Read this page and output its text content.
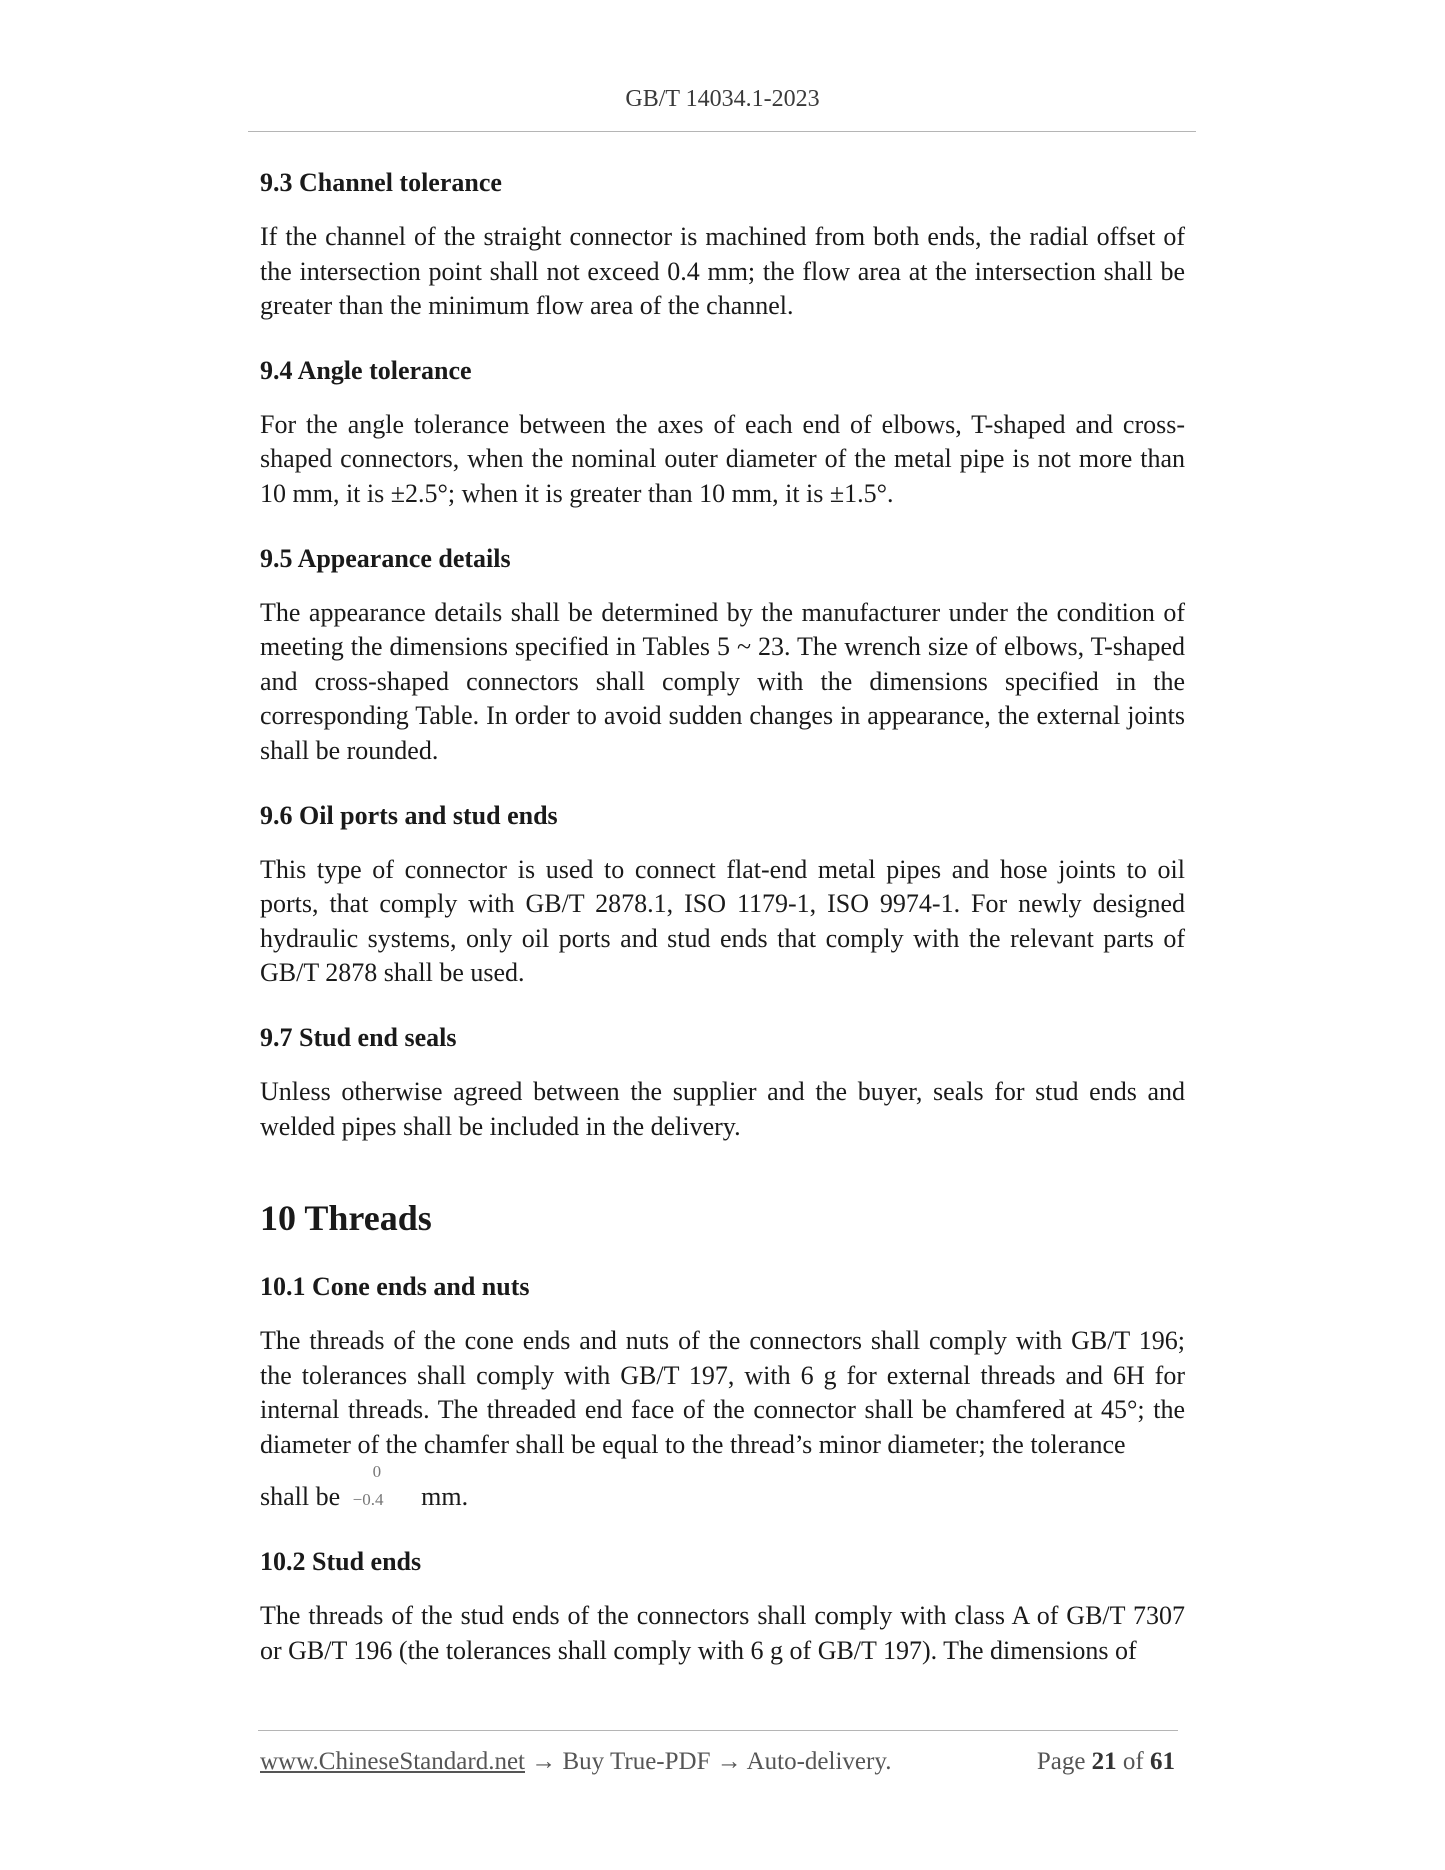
GB/T 14034.1-2023
9.3 Channel tolerance

If the channel of the straight connector is machined from both ends, the radial offset of the intersection point shall not exceed 0.4 mm; the flow area at the intersection shall be greater than the minimum flow area of the channel.

9.4 Angle tolerance

For the angle tolerance between the axes of each end of elbows, T-shaped and cross-shaped connectors, when the nominal outer diameter of the metal pipe is not more than 10 mm, it is ±2.5°; when it is greater than 10 mm, it is ±1.5°.

9.5 Appearance details

The appearance details shall be determined by the manufacturer under the condition of meeting the dimensions specified in Tables 5 ~ 23. The wrench size of elbows, T-shaped and cross-shaped connectors shall comply with the dimensions specified in the corresponding Table. In order to avoid sudden changes in appearance, the external joints shall be rounded.

9.6 Oil ports and stud ends

This type of connector is used to connect flat-end metal pipes and hose joints to oil ports, that comply with GB/T 2878.1, ISO 1179-1, ISO 9974-1. For newly designed hydraulic systems, only oil ports and stud ends that comply with the relevant parts of GB/T 2878 shall be used.

9.7 Stud end seals

Unless otherwise agreed between the supplier and the buyer, seals for stud ends and welded pipes shall be included in the delivery.

10 Threads
10.1 Cone ends and nuts

The threads of the cone ends and nuts of the connectors shall comply with GB/T 196; the tolerances shall comply with GB/T 197, with 6 g for external threads and 6H for internal threads. The threaded end face of the connector shall be chamfered at 45°; the diameter of the chamfer shall be equal to the thread’s minor diameter; the tolerance

shall be
0
−0.4 mm.

10.2 Stud ends

The threads of the stud ends of the connectors shall comply with class A of GB/T 7307 or GB/T 196 (the tolerances shall comply with 6 g of GB/T 197). The dimensions of

www.ChineseStandard.net → Buy True-PDF → Auto-delivery.	Page 21 of 61
